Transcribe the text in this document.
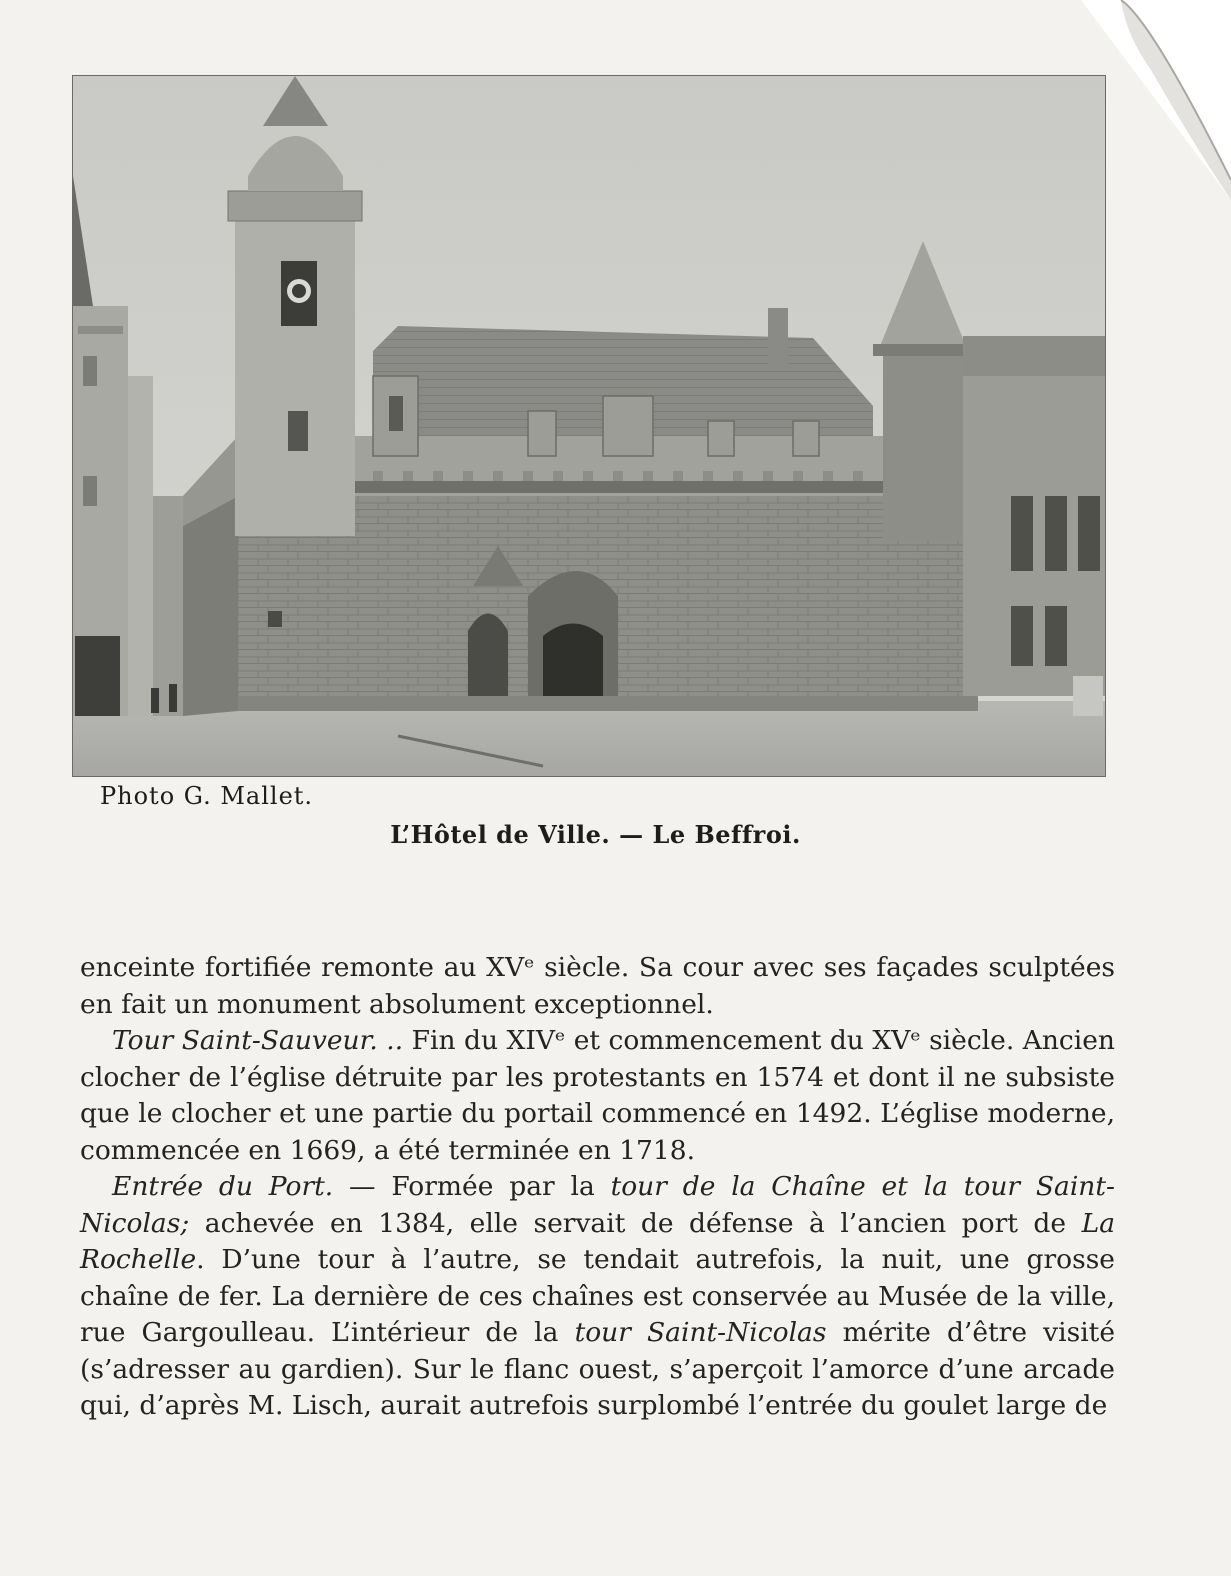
Photo G. Mallet.
L’Hôtel de Ville. — Le Beffroi.

enceinte fortifiée remonte au XVᵉ siècle. Sa cour avec ses façades sculptées en fait un monument absolument exceptionnel.

Tour Saint-Sauveur. .. Fin du XIVᵉ et commencement du XVᵉ siècle. Ancien clocher de l’église détruite par les protestants en 1574 et dont il ne subsiste que le clocher et une partie du portail commencé en 1492. L’église moderne, commencée en 1669, a été terminée en 1718.

Entrée du Port. — Formée par la tour de la Chaîne et la tour Saint-Nicolas; achevée en 1384, elle servait de défense à l’ancien port de La Rochelle. D’une tour à l’autre, se tendait autrefois, la nuit, une grosse chaîne de fer. La dernière de ces chaînes est conservée au Musée de la ville, rue Gargoulleau. L’intérieur de la tour Saint-Nicolas mérite d’être visité (s’adresser au gardien). Sur le flanc ouest, s’aperçoit l’amorce d’une arcade qui, d’après M. Lisch, aurait autrefois surplombé l’entrée du goulet large de
